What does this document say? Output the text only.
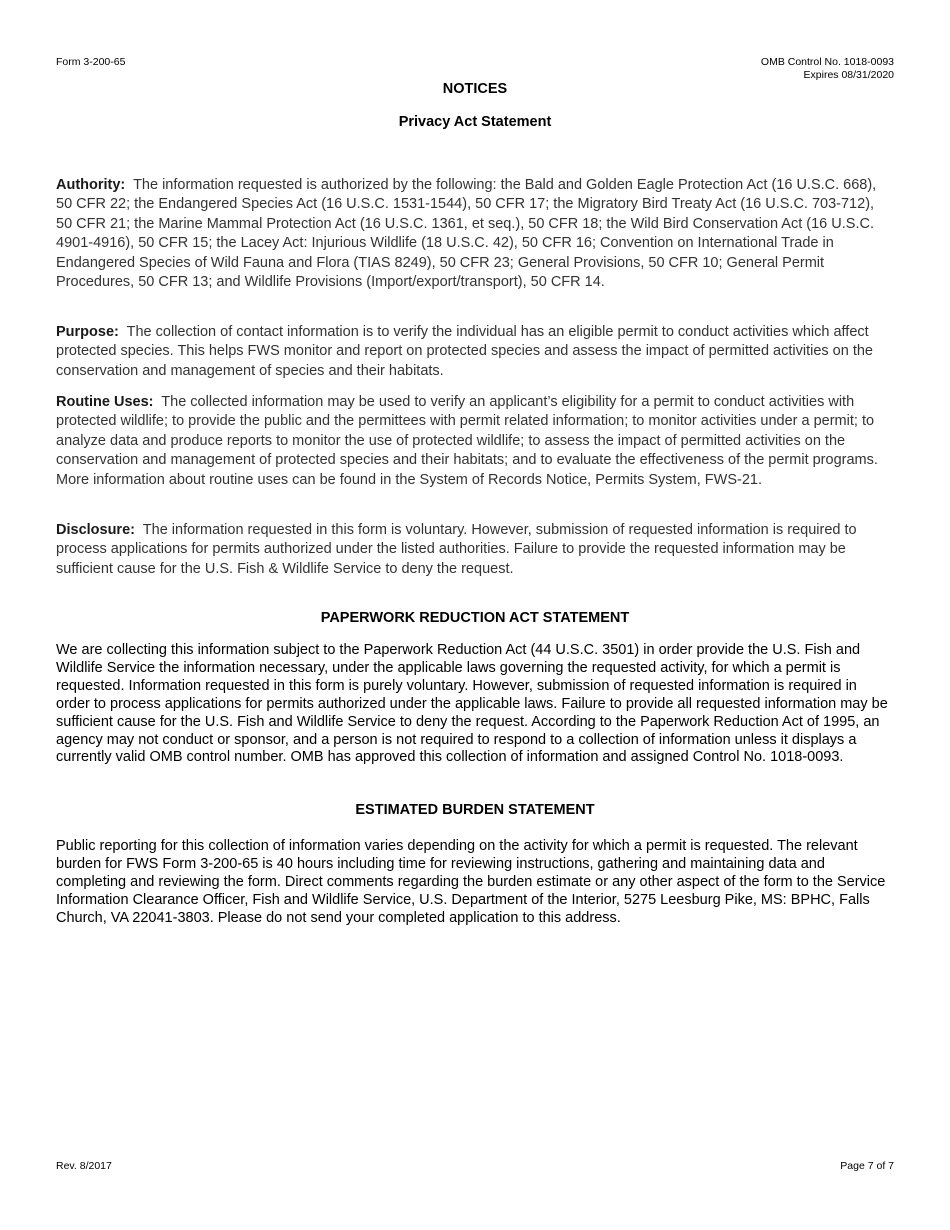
Form 3-200-65	OMB Control No. 1018-0093
Expires 08/31/2020
NOTICES
Privacy Act Statement
Authority: The information requested is authorized by the following: the Bald and Golden Eagle Protection Act (16 U.S.C. 668), 50 CFR 22; the Endangered Species Act (16 U.S.C. 1531-1544), 50 CFR 17; the Migratory Bird Treaty Act (16 U.S.C. 703-712), 50 CFR 21; the Marine Mammal Protection Act (16 U.S.C. 1361, et seq.), 50 CFR 18; the Wild Bird Conservation Act (16 U.S.C. 4901-4916), 50 CFR 15; the Lacey Act: Injurious Wildlife (18 U.S.C. 42), 50 CFR 16; Convention on International Trade in Endangered Species of Wild Fauna and Flora (TIAS 8249), 50 CFR 23; General Provisions, 50 CFR 10; General Permit Procedures, 50 CFR 13; and Wildlife Provisions (Import/export/transport), 50 CFR 14.
Purpose: The collection of contact information is to verify the individual has an eligible permit to conduct activities which affect protected species. This helps FWS monitor and report on protected species and assess the impact of permitted activities on the conservation and management of species and their habitats.
Routine Uses: The collected information may be used to verify an applicant’s eligibility for a permit to conduct activities with protected wildlife; to provide the public and the permittees with permit related information; to monitor activities under a permit; to analyze data and produce reports to monitor the use of protected wildlife; to assess the impact of permitted activities on the conservation and management of protected species and their habitats; and to evaluate the effectiveness of the permit programs. More information about routine uses can be found in the System of Records Notice, Permits System, FWS-21.
Disclosure: The information requested in this form is voluntary. However, submission of requested information is required to process applications for permits authorized under the listed authorities. Failure to provide the requested information may be sufficient cause for the U.S. Fish & Wildlife Service to deny the request.
PAPERWORK REDUCTION ACT STATEMENT
We are collecting this information subject to the Paperwork Reduction Act (44 U.S.C. 3501) in order provide the U.S. Fish and Wildlife Service the information necessary, under the applicable laws governing the requested activity, for which a permit is requested. Information requested in this form is purely voluntary. However, submission of requested information is required in order to process applications for permits authorized under the applicable laws. Failure to provide all requested information may be sufficient cause for the U.S. Fish and Wildlife Service to deny the request. According to the Paperwork Reduction Act of 1995, an agency may not conduct or sponsor, and a person is not required to respond to a collection of information unless it displays a currently valid OMB control number. OMB has approved this collection of information and assigned Control No. 1018-0093.
ESTIMATED BURDEN STATEMENT
Public reporting for this collection of information varies depending on the activity for which a permit is requested. The relevant burden for FWS Form 3-200-65 is 40 hours including time for reviewing instructions, gathering and maintaining data and completing and reviewing the form. Direct comments regarding the burden estimate or any other aspect of the form to the Service Information Clearance Officer, Fish and Wildlife Service, U.S. Department of the Interior, 5275 Leesburg Pike, MS: BPHC, Falls Church, VA 22041-3803. Please do not send your completed application to this address.
Rev. 8/2017	Page 7 of 7
